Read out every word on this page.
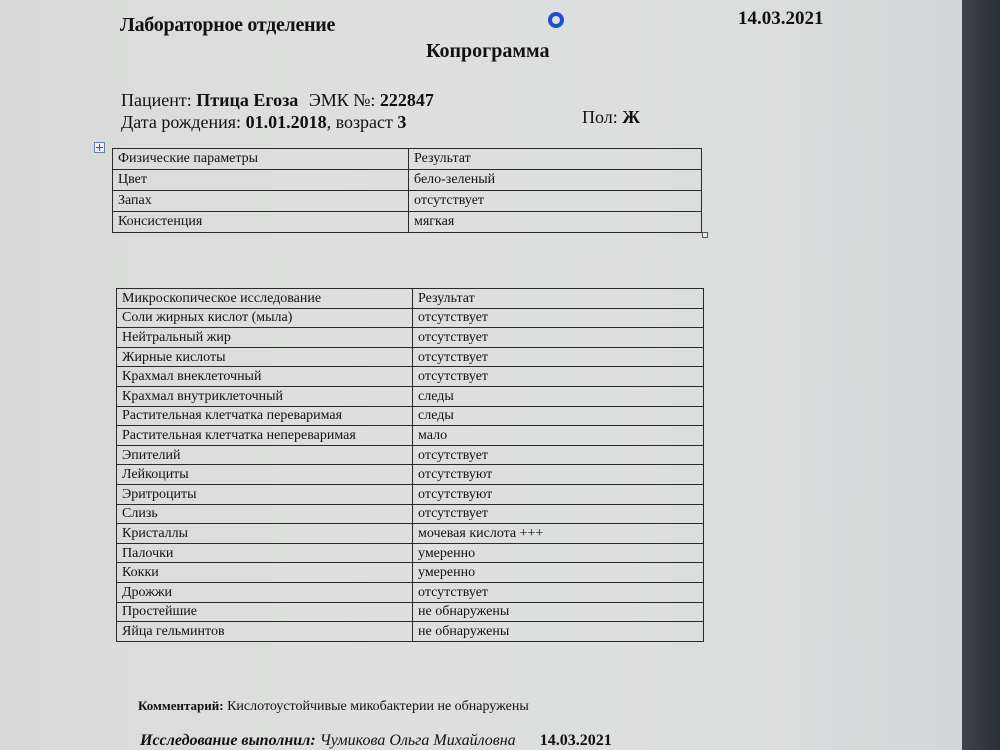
Лабораторное отделение	14.03.2021
Копрограмма
Пациент: Птица Егоза ЭМК №: 222847
Дата рождения: 01.01.2018, возраст 3	Пол: Ж
Физические параметры	Результат
Цвет	бело-зеленый
Запах	отсутствует
Консистенция	мягкая
Микроскопическое исследование	Результат
Соли жирных кислот (мыла)	отсутствует
Нейтральный жир	отсутствует
Жирные кислоты	отсутствует
Крахмал внеклеточный	отсутствует
Крахмал внутриклеточный	следы
Растительная клетчатка переваримая	следы
Растительная клетчатка непереваримая	мало
Эпителий	отсутствует
Лейкоциты	отсутствуют
Эритроциты	отсутствуют
Слизь	отсутствует
Кристаллы	мочевая кислота +++
Палочки	умеренно
Кокки	умеренно
Дрожжи	отсутствует
Простейшие	не обнаружены
Яйца гельминтов	не обнаружены
Комментарий: Кислотоустойчивые микобактерии не обнаружены
Исследование выполнил: Чумикова Ольга Михайловна 14.03.2021
